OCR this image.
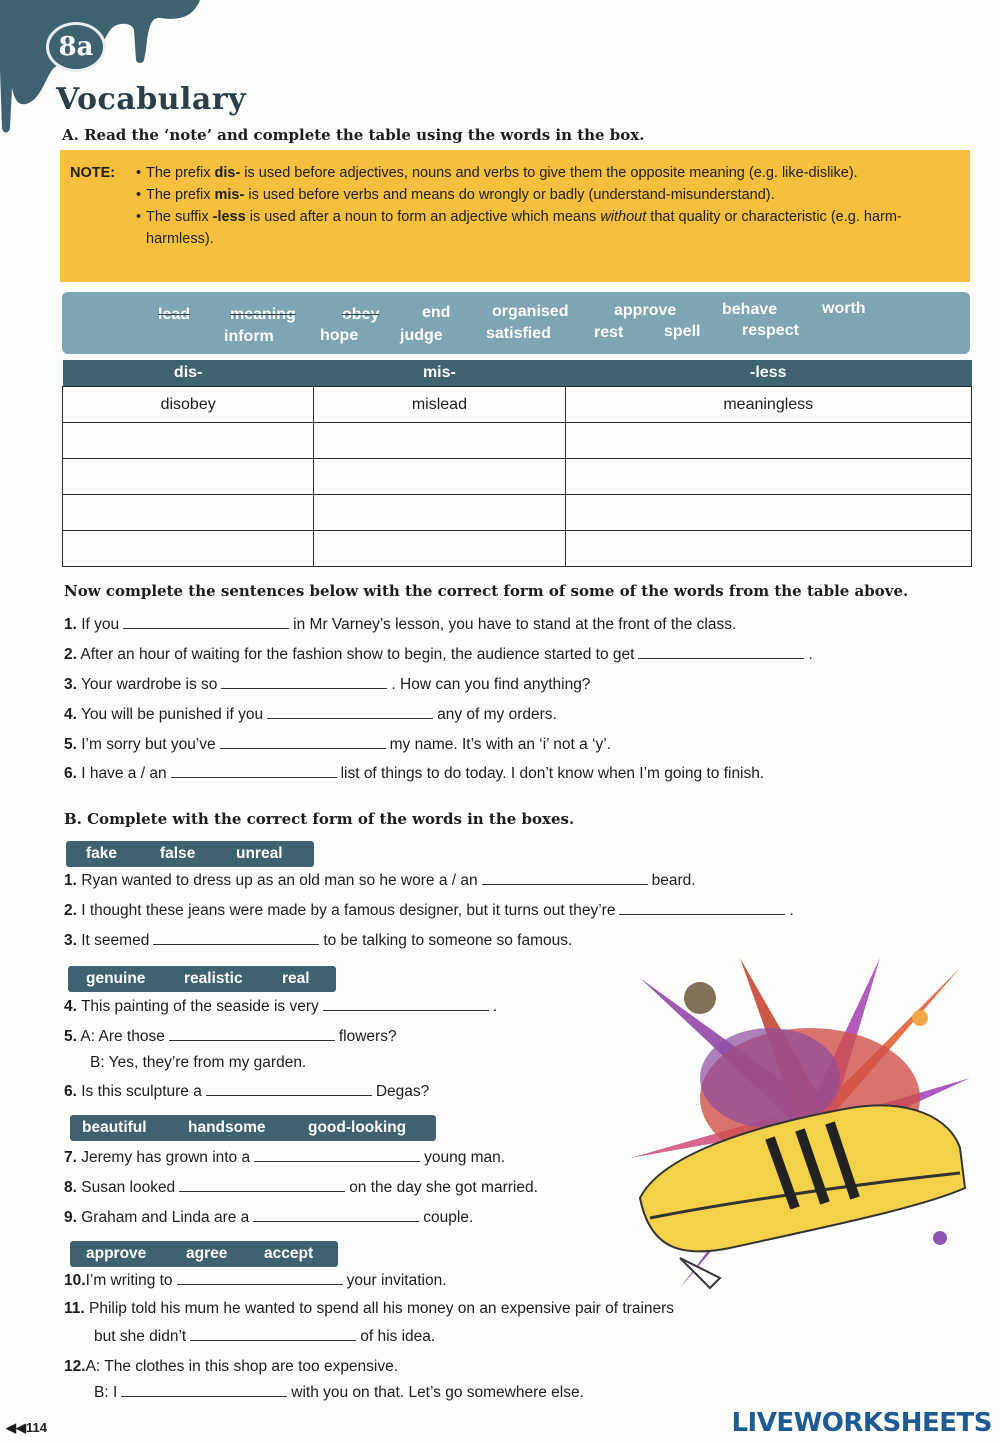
8a
Vocabulary
A. Read the ‘note’ and complete the table using the words in the box.
NOTE:	• The prefix dis- is used before adjectives, nouns and verbs to give them the opposite meaning (e.g. like-dislike).
• The prefix mis- is used before verbs and means do wrongly or badly (understand-misunderstand).
• The suffix -less is used after a noun to form an adjective which means without that quality or characteristic (e.g. harm-harmless).
lead meaning	obey	end	organised	approve	behave	worth
inform	hope	judge	satisfied	rest	spell	respect
dis-	mis-	-less
disobey	mislead	meaningless

Now complete the sentences below with the correct form of some of the words from the table above.
1. If you	in Mr Varney’s lesson, you have to stand at the front of the class.
2. After an hour of waiting for the fashion show to begin, the audience started to get	.
3. Your wardrobe is so	. How can you find anything?
4. You will be punished if you	any of my orders.
5. I’m sorry but you’ve	my name. It’s with an ‘i’ not a ‘y’.
6. I have a / an	list of things to do today. I don’t know when I’m going to finish.
B. Complete with the correct form of the words in the boxes.
fake	false	unreal
1. Ryan wanted to dress up as an old man so he wore a / an	beard.
2. I thought these jeans were made by a famous designer, but it turns out they’re	.
3. It seemed	to be talking to someone so famous.
genuine realistic	real
4. This painting of the seaside is very	.
5. A: Are those	flowers?
B: Yes, they’re from my garden.
6. Is this sculpture a	Degas?
beautiful	handsome	good-looking
7. Jeremy has grown into a	young man.
8. Susan looked	on the day she got married.
9. Graham and Linda are a	couple.
approve	agree accept
10.I’m writing to	your invitation.
11. Philip told his mum he wanted to spend all his money on an expensive pair of trainers
but she didn’t	of his idea.
12.A: The clothes in this shop are too expensive.
B: I	with you on that. Let’s go somewhere else.
◀◀114	LIVEWORKSHEETS
